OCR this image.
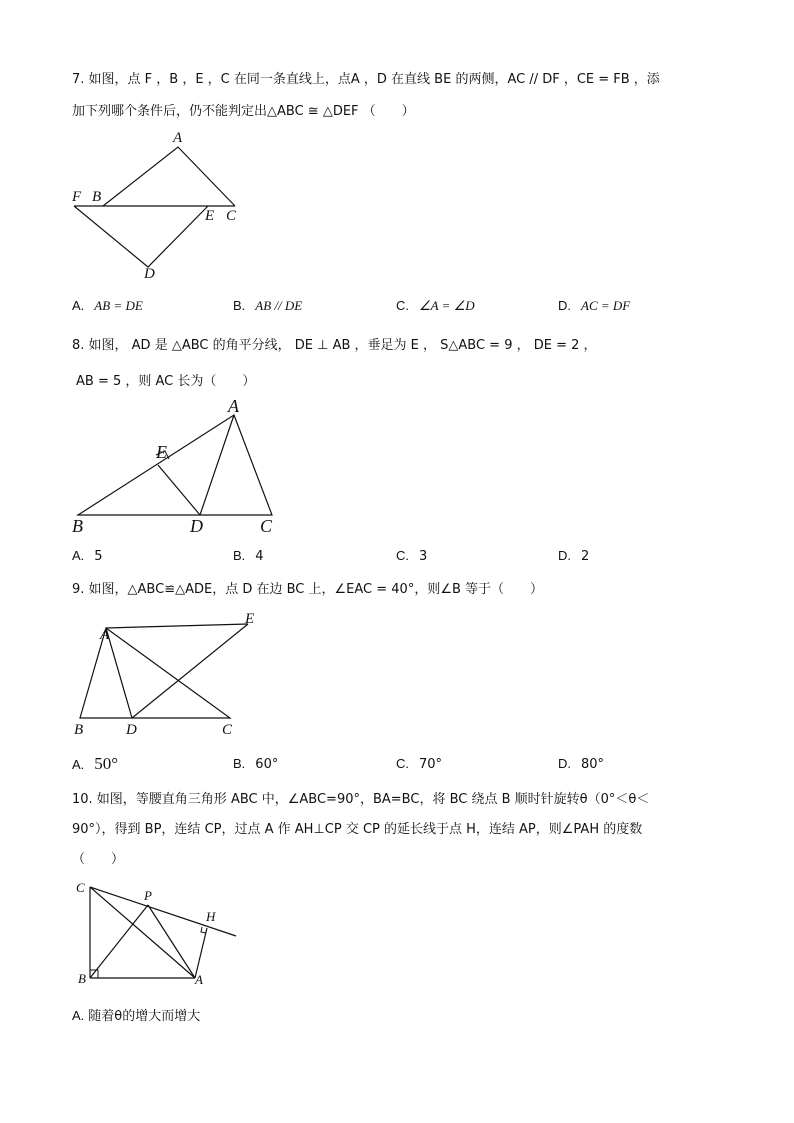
7. 如图，点 F ，B ，E ，C 在同一条直线上，点A ，D 在直线 BE 的两侧，AC // DF ，CE = FB ，添
加下列哪个条件后，仍不能判定出△ABC ≅ △DEF （　　）
A
F B
E C
D
A. AB = DE	B. AB // DE	C. ∠A = ∠D	D. AC = DF
8. 如图， AD 是 △ABC 的角平分线， DE ⊥ AB ，垂足为 E ， S△ABC = 9 ， DE = 2 ，
AB = 5 ，则 AC 长为（　　）
A
E
B	D	C
A. 5	B. 4	C. 3	D. 2
9. 如图，△ABC≌△ADE，点 D 在边 BC 上，∠EAC = 40°，则∠B 等于（　　）
A
E
B	D	C
A. 50°	B. 60°	C. 70°	D. 80°
10. 如图，等腰直角三角形 ABC 中，∠ABC=90°，BA=BC，将 BC 绕点 B 顺时针旋转θ（0°＜θ＜
90°），得到 BP，连结 CP，过点 A 作 AH⊥CP 交 CP 的延长线于点 H，连结 AP，则∠PAH 的度数
（　　）
C
P
H
B	A
A. 随着θ的增大而增大
